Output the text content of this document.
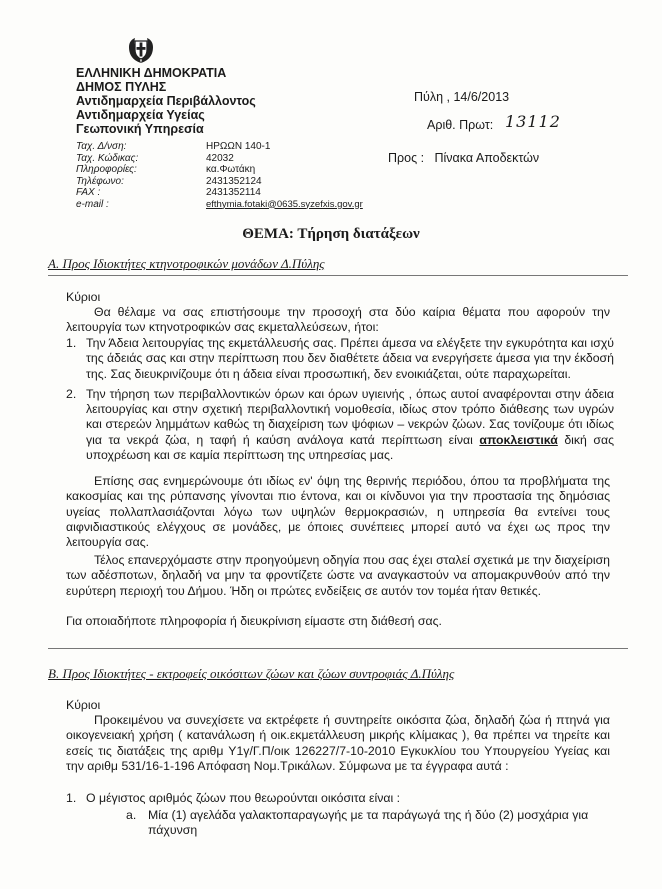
ΕΛΛΗΝΙΚΗ ΔΗΜΟΚΡΑΤΙΑ
ΔΗΜΟΣ ΠΥΛΗΣ
Αντιδημαρχεία Περιβάλλοντος
Αντιδημαρχεία Υγείας
Γεωπονική Υπηρεσία
Ταχ. Δ/νση:	ΗΡΩΩΝ 140-1
Ταχ. Κώδικας:	42032
Πληροφορίες:	κα.Φωτάκη
Τηλέφωνο:	2431352124
FAX :	2431352114
e-mail :	efthymia.fotaki@0635.syzefxis.gov.gr
Πύλη , 14/6/2013
Αριθ. Πρωτ: 13112
Προς :   Πίνακα Αποδεκτών
ΘΕΜΑ: Τήρηση διατάξεων
Α. Προς Ιδιοκτήτες κτηνοτροφικών μονάδων Δ.Πύλης
Κύριοι
Θα θέλαμε να σας επιστήσουμε την προσοχή στα δύο καίρια θέματα που αφορούν την λειτουργία των κτηνοτροφικών σας εκμεταλλεύσεων, ήτοι:
1. Την Άδεια λειτουργίας της εκμετάλλευσής σας. Πρέπει άμεσα να ελέγξετε την εγκυρότητα και ισχύ της άδειάς σας και στην περίπτωση που δεν διαθέτετε άδεια να ενεργήσετε άμεσα για την έκδοσή της. Σας διευκρινίζουμε ότι η άδεια είναι προσωπική, δεν ενοικιάζεται, ούτε παραχωρείται.
2. Την τήρηση των περιβαλλοντικών όρων και όρων υγιεινής , όπως αυτοί αναφέρονται στην άδεια λειτουργίας και στην σχετική περιβαλλοντική νομοθεσία, ιδίως στον τρόπο διάθεσης των υγρών και στερεών λημμάτων καθώς τη διαχείριση των ψόφιων – νεκρών ζώων. Σας τονίζουμε ότι ιδίως για τα νεκρά ζώα, η ταφή ή καύση ανάλογα κατά περίπτωση είναι αποκλειστικά δική σας υποχρέωση και σε καμία περίπτωση της υπηρεσίας μας.
Επίσης σας ενημερώνουμε ότι ιδίως εν' όψη της θερινής περιόδου, όπου τα προβλήματα της κακοσμίας και της ρύπανσης γίνονται πιο έντονα, και οι κίνδυνοι για την προστασία της δημόσιας υγείας πολλαπλασιάζονται λόγω των υψηλών θερμοκρασιών, η υπηρεσία θα εντείνει τους αιφνιδιαστικούς ελέγχους σε μονάδες, με όποιες συνέπειες μπορεί αυτό να έχει ως προς την λειτουργία σας.
Τέλος επανερχόμαστε στην προηγούμενη οδηγία που σας έχει σταλεί σχετικά με την διαχείριση των αδέσποτων, δηλαδή να μην τα φροντίζετε ώστε να αναγκαστούν να απομακρυνθούν από την ευρύτερη περιοχή του Δήμου. Ήδη οι πρώτες ενδείξεις σε αυτόν τον τομέα ήταν θετικές.
Για οποιαδήποτε πληροφορία ή διευκρίνιση είμαστε στη διάθεσή σας.
Β. Προς Ιδιοκτήτες - εκτροφείς οικόσιτων ζώων και ζώων συντροφιάς Δ.Πύλης
Κύριοι
Προκειμένου να συνεχίσετε να εκτρέφετε ή συντηρείτε οικόσιτα ζώα, δηλαδή ζώα ή πτηνά για οικογενειακή χρήση ( κατανάλωση ή οικ.εκμετάλλευση μικρής κλίμακας ), θα πρέπει να τηρείτε και εσείς τις διατάξεις της αριθμ Υ1γ/Γ.Π/οικ 126227/7-10-2010 Εγκυκλίου του Υπουργείου Υγείας και την αριθμ 531/16-1-196 Απόφαση Νομ.Τρικάλων. Σύμφωνα με τα έγγραφα αυτά :
1. Ο μέγιστος αριθμός ζώων που θεωρούνται οικόσιτα είναι :
a. Μία (1) αγελάδα γαλακτοπαραγωγής με τα παράγωγά της ή δύο (2) μοσχάρια για πάχυνση
